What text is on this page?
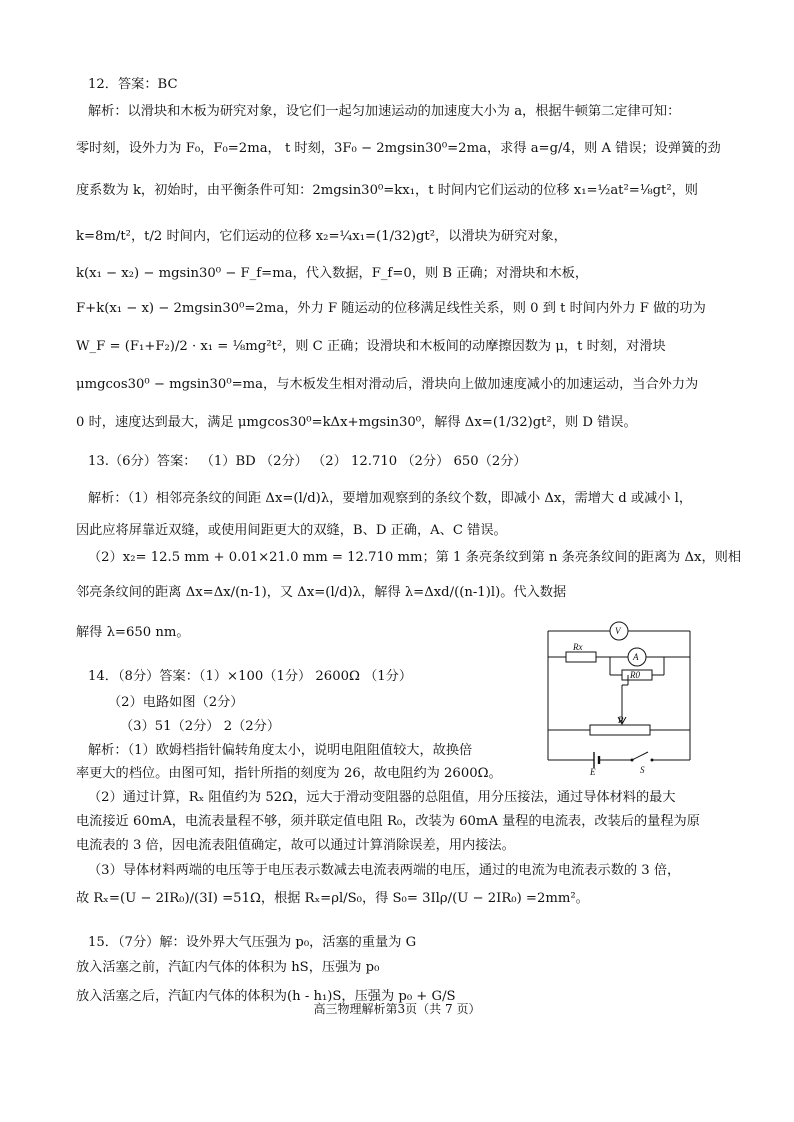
12．答案：BC
解析：以滑块和木板为研究对象，设它们一起匀加速运动的加速度大小为 a，根据牛顿第二定律可知：
零时刻，设外力为 F₀，F₀=2ma， t 时刻，3F₀ − 2mgsin30⁰=2ma，求得 a=g/4，则 A 错误；设弹簧的劲
度系数为 k，初始时，由平衡条件可知：2mgsin30⁰=kx₁，t 时间内它们运动的位移 x₁=½at²=⅛gt²，则
k=8m/t²，t/2 时间内，它们运动的位移 x₂=¼x₁=(1/32)gt²，以滑块为研究对象，
k(x₁ − x₂) − mgsin30⁰ − F_f=ma，代入数据，F_f=0，则 B 正确；对滑块和木板，
F+k(x₁ − x) − 2mgsin30⁰=2ma，外力 F 随运动的位移满足线性关系，则 0 到 t 时间内外力 F 做的功为
W_F = (F₁+F₂)/2 · x₁ = ⅛mg²t²，则 C 正确；设滑块和木板间的动摩擦因数为 μ，t 时刻，对滑块
μmgcos30⁰ − mgsin30⁰=ma，与木板发生相对滑动后，滑块向上做加速度减小的加速运动，当合外力为
0 时，速度达到最大，满足 μmgcos30⁰=kΔx+mgsin30⁰，解得 Δx=(1/32)gt²，则 D 错误。
13.（6分）答案： （1）BD （2分） （2） 12.710 （2分） 650（2分）
解析：（1）相邻亮条纹的间距 Δx=(l/d)λ，要增加观察到的条纹个数，即减小 Δx，需增大 d 或减小 l，
因此应将屏靠近双缝，或使用间距更大的双缝，B、D 正确，A、C 错误。
（2）x₂= 12.5 mm + 0.01×21.0 mm = 12.710 mm；第 1 条亮条纹到第 n 条亮条纹间的距离为 Δx，则相
邻亮条纹间的距离 Δx=Δx/(n-1)，又 Δx=(l/d)λ，解得 λ=Δxd/((n-1)l)。代入数据
解得 λ=650 nm。
14．（8分）答案：（1）×100（1分） 2600Ω （1分）
（2）电路如图（2分）
（3）51（2分） 2（2分）
解析：（1）欧姆档指针偏转角度太小，说明电阻阻值较大，故换倍
率更大的档位。由图可知，指针所指的刻度为 26，故电阻约为 2600Ω。
（2）通过计算，Rₓ 阻值约为 52Ω，远大于滑动变阻器的总阻值，用分压接法，通过导体材料的最大
电流接近 60mA，电流表量程不够，须并联定值电阻 R₀，改装为 60mA 量程的电流表，改装后的量程为原
电流表的 3 倍，因电流表阻值确定，故可以通过计算消除误差，用内接法。
（3）导体材料两端的电压等于电压表示数减去电流表两端的电压，通过的电流为电流表示数的 3 倍，
故 Rₓ=(U − 2IR₀)/(3I) =51Ω，根据 Rₓ=ρl/S₀，得 S₀= 3Ilρ/(U − 2IR₀) =2mm²。
15．（7分）解：设外界大气压强为 p₀，活塞的重量为 G
放入活塞之前，汽缸内气体的体积为 hS，压强为 p₀
放入活塞之后，汽缸内气体的体积为(h - h₁)S，压强为 p₀ + G/S
V
A
Rx
R0
R
E	S
高三物理解析第3页（共 7 页）
